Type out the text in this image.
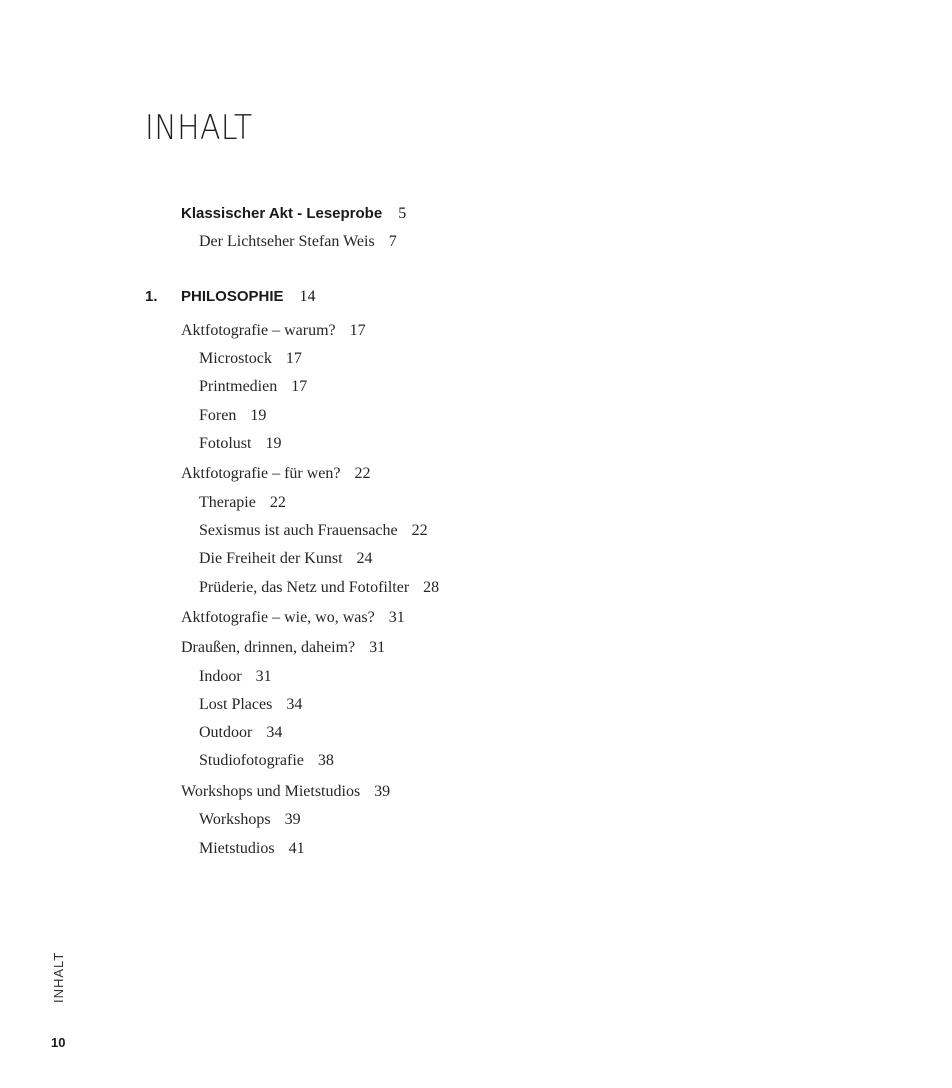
INHALT
Klassischer Akt - Leseprobe 5
Der Lichtseher Stefan Weis 7
1. PHILOSOPHIE 14
Aktfotografie – warum? 17
Microstock 17
Printmedien 17
Foren 19
Fotolust 19
Aktfotografie – für wen? 22
Therapie 22
Sexismus ist auch Frauensache 22
Die Freiheit der Kunst 24
Prüderie, das Netz und Fotofilter 28
Aktfotografie – wie, wo, was? 31
Draußen, drinnen, daheim? 31
Indoor 31
Lost Places 34
Outdoor 34
Studiofotografie 38
Workshops und Mietstudios 39
Workshops 39
Mietstudios 41
INHALT
10
